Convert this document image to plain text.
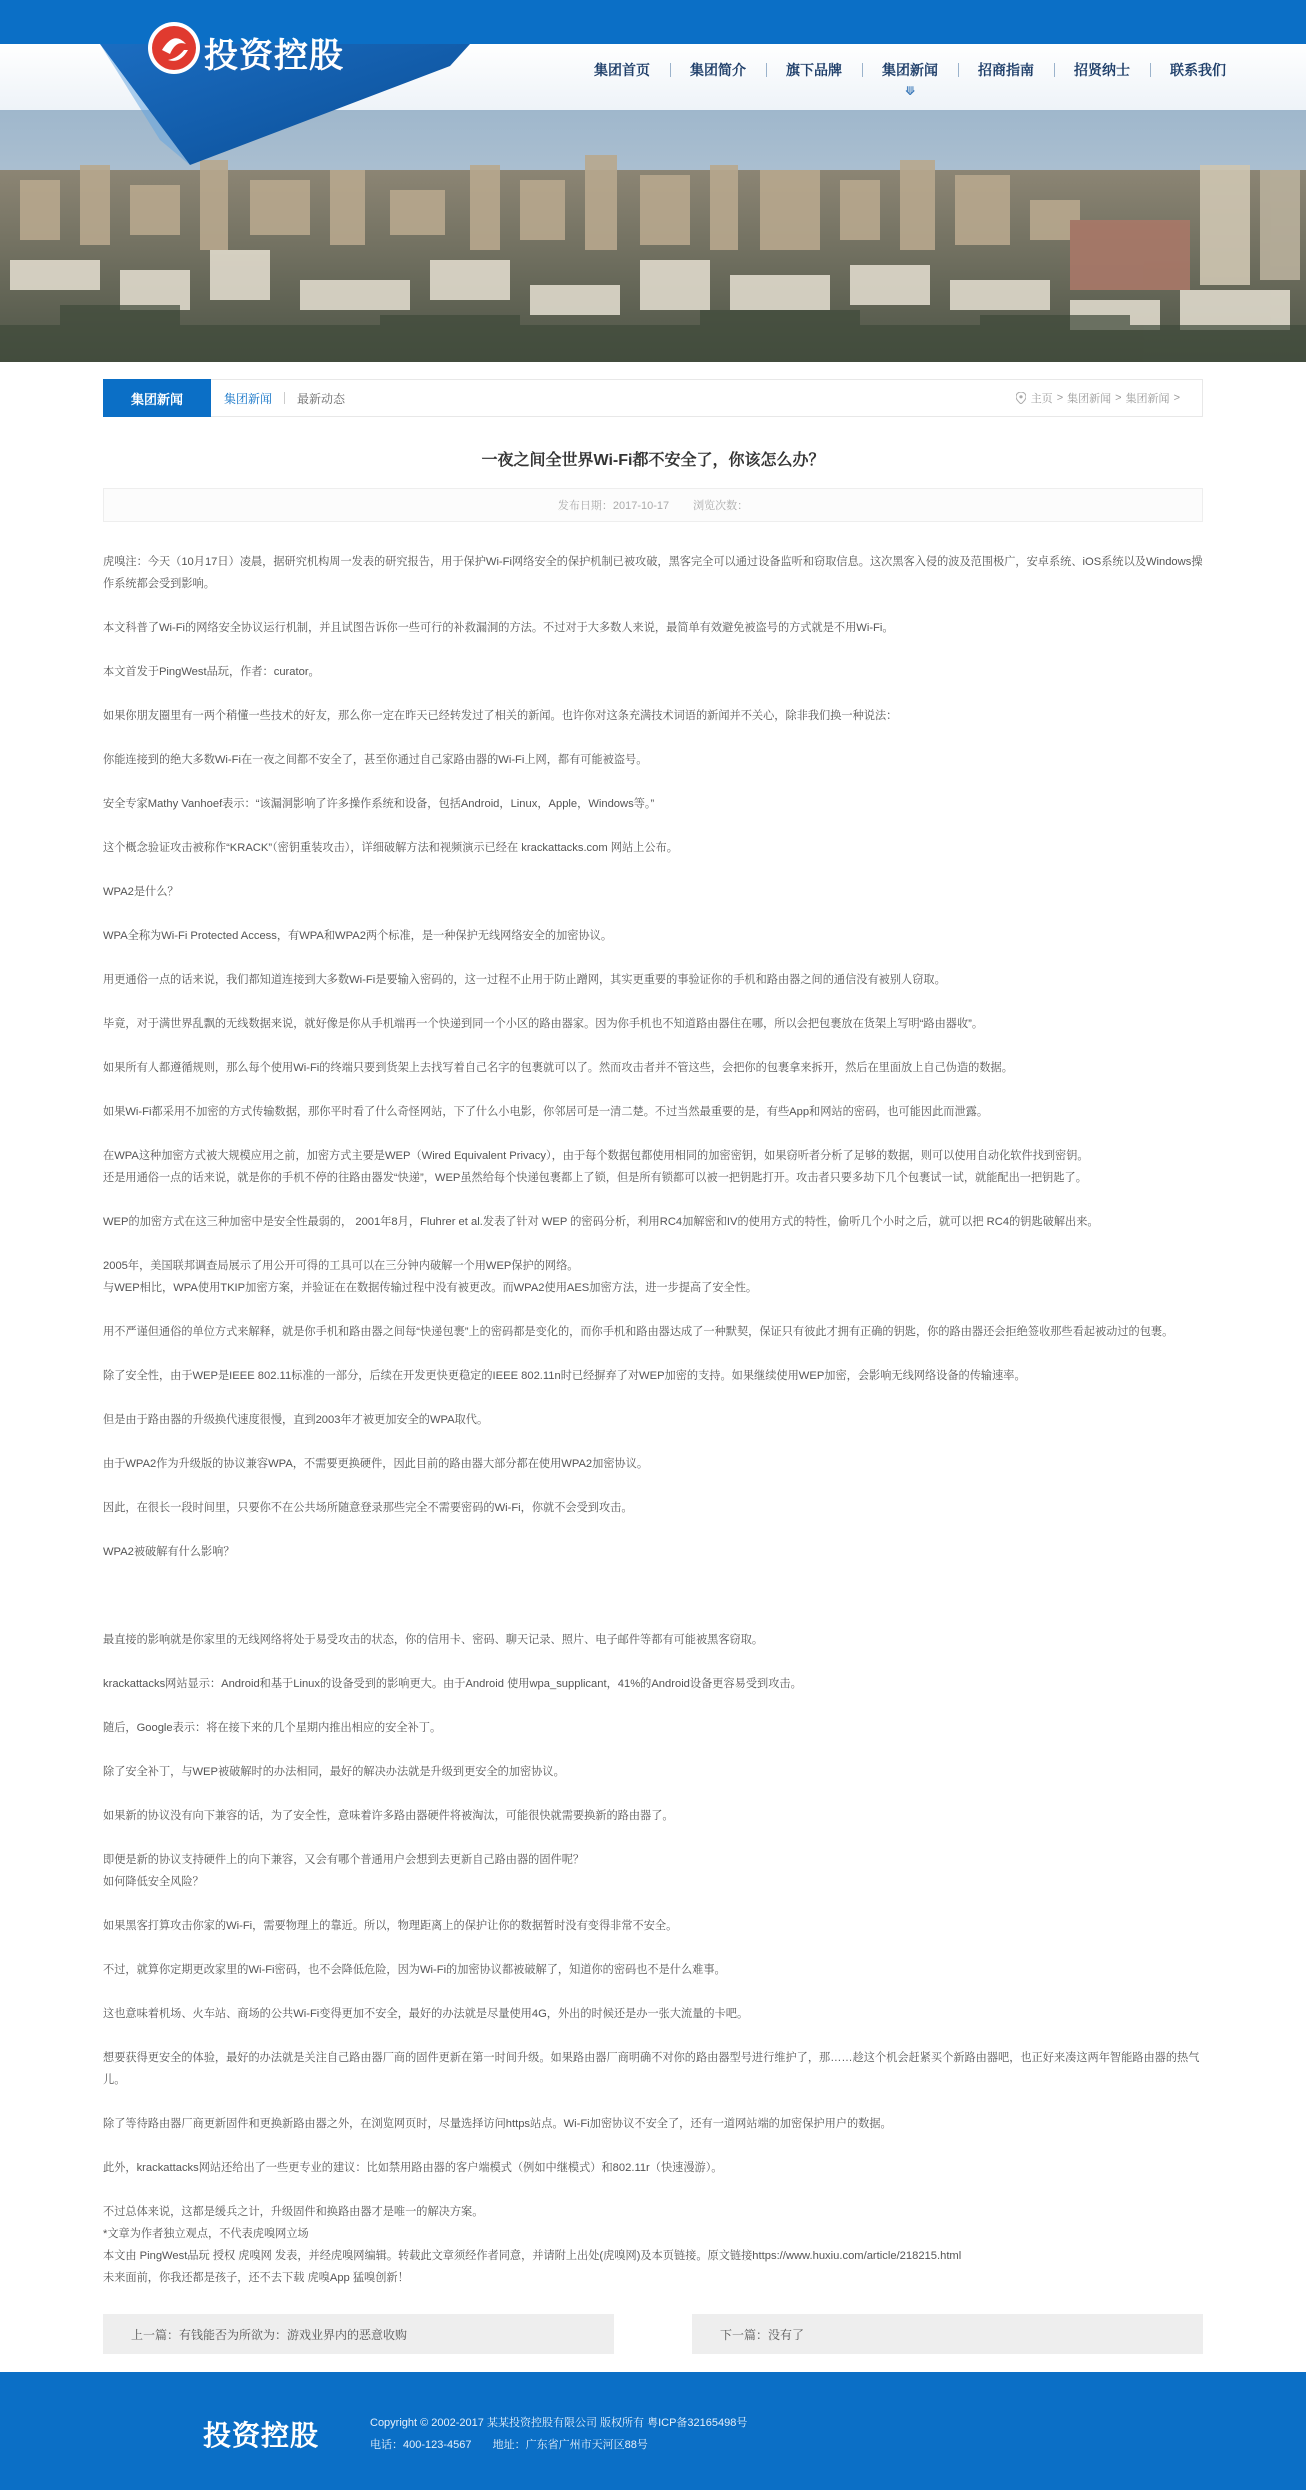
集团首页	集团简介	旗下品牌	集团新闻
⟱
招商指南	招贤纳士	联系我们
投资控股
集团新闻	集团新闻 最新动态	主页 > 集团新闻 > 集团新闻 >
一夜之间全世界Wi-Fi都不安全了，你该怎么办？
发布日期：2017-10-17 浏览次数：

虎嗅注：今天（10月17日）凌晨，据研究机构周一发表的研究报告，用于保护Wi-Fi网络安全的保护机制已被攻破，黑客完全可以通过设备监听和窃取信息。这次黑客入侵的波及范围极广，安卓系统、iOS系统以及Windows操作系统都会受到影响。

本文科普了Wi-Fi的网络安全协议运行机制，并且试图告诉你一些可行的补救漏洞的方法。不过对于大多数人来说，最简单有效避免被盗号的方式就是不用Wi-Fi。

本文首发于PingWest品玩，作者：curator。

如果你朋友圈里有一两个稍懂一些技术的好友，那么你一定在昨天已经转发过了相关的新闻。也许你对这条充满技术词语的新闻并不关心，除非我们换一种说法：

你能连接到的绝大多数Wi-Fi在一夜之间都不安全了，甚至你通过自己家路由器的Wi-Fi上网，都有可能被盗号。

安全专家Mathy Vanhoef表示：“该漏洞影响了许多操作系统和设备，包括Android，Linux，Apple，Windows等。”

这个概念验证攻击被称作“KRACK”（密钥重装攻击），详细破解方法和视频演示已经在 krackattacks.com 网站上公布。

WPA2是什么？

WPA全称为Wi-Fi Protected Access，有WPA和WPA2两个标准，是一种保护无线网络安全的加密协议。

用更通俗一点的话来说，我们都知道连接到大多数Wi-Fi是要输入密码的，这一过程不止用于防止蹭网，其实更重要的事验证你的手机和路由器之间的通信没有被别人窃取。

毕竟，对于满世界乱飘的无线数据来说，就好像是你从手机端再一个快递到同一个小区的路由器家。因为你手机也不知道路由器住在哪，所以会把包裹放在货架上写明“路由器收”。

如果所有人都遵循规则，那么每个使用Wi-Fi的终端只要到货架上去找写着自己名字的包裹就可以了。然而攻击者并不管这些，会把你的包裹拿来拆开，然后在里面放上自己伪造的数据。

如果Wi-Fi都采用不加密的方式传输数据，那你平时看了什么奇怪网站，下了什么小电影，你邻居可是一清二楚。不过当然最重要的是，有些App和网站的密码，也可能因此而泄露。

在WPA这种加密方式被大规模应用之前，加密方式主要是WEP（Wired Equivalent Privacy），由于每个数据包都使用相同的加密密钥，如果窃听者分析了足够的数据，则可以使用自动化软件找到密钥。
还是用通俗一点的话来说，就是你的手机不停的往路由器发“快递”，WEP虽然给每个快递包裹都上了锁，但是所有锁都可以被一把钥匙打开。攻击者只要多劫下几个包裹试一试，就能配出一把钥匙了。

WEP的加密方式在这三种加密中是安全性最弱的， 2001年8月，Fluhrer et al.发表了针对 WEP 的密码分析，利用RC4加解密和IV的使用方式的特性，偷听几个小时之后，就可以把 RC4的钥匙破解出来。

2005年，美国联邦调查局展示了用公开可得的工具可以在三分钟内破解一个用WEP保护的网络。
与WEP相比，WPA使用TKIP加密方案，并验证在在数据传输过程中没有被更改。而WPA2使用AES加密方法，进一步提高了安全性。

用不严谨但通俗的单位方式来解释，就是你手机和路由器之间每“快递包裹”上的密码都是变化的，而你手机和路由器达成了一种默契，保证只有彼此才拥有正确的钥匙，你的路由器还会拒绝签收那些看起被动过的包裹。

除了安全性，由于WEP是IEEE 802.11标准的一部分，后续在开发更快更稳定的IEEE 802.11n时已经摒弃了对WEP加密的支持。如果继续使用WEP加密，会影响无线网络设备的传输速率。

但是由于路由器的升级换代速度很慢，直到2003年才被更加安全的WPA取代。

由于WPA2作为升级版的协议兼容WPA，不需要更换硬件，因此目前的路由器大部分都在使用WPA2加密协议。

因此，在很长一段时间里，只要你不在公共场所随意登录那些完全不需要密码的Wi-Fi，你就不会受到攻击。

WPA2被破解有什么影响？

最直接的影响就是你家里的无线网络将处于易受攻击的状态，你的信用卡、密码、聊天记录、照片、电子邮件等都有可能被黑客窃取。

krackattacks网站显示：Android和基于Linux的设备受到的影响更大。由于Android 使用wpa_supplicant，41%的Android设备更容易受到攻击。

随后，Google表示：将在接下来的几个星期内推出相应的安全补丁。

除了安全补丁，与WEP被破解时的办法相同，最好的解决办法就是升级到更安全的加密协议。

如果新的协议没有向下兼容的话，为了安全性，意味着许多路由器硬件将被淘汰，可能很快就需要换新的路由器了。

即便是新的协议支持硬件上的向下兼容，又会有哪个普通用户会想到去更新自己路由器的固件呢？
如何降低安全风险？

如果黑客打算攻击你家的Wi-Fi，需要物理上的靠近。所以，物理距离上的保护让你的数据暂时没有变得非常不安全。

不过，就算你定期更改家里的Wi-Fi密码，也不会降低危险，因为Wi-Fi的加密协议都被破解了，知道你的密码也不是什么难事。

这也意味着机场、火车站、商场的公共Wi-Fi变得更加不安全，最好的办法就是尽量使用4G，外出的时候还是办一张大流量的卡吧。

想要获得更安全的体验，最好的办法就是关注自己路由器厂商的固件更新在第一时间升级。如果路由器厂商明确不对你的路由器型号进行维护了，那……趁这个机会赶紧买个新路由器吧，也正好来凑这两年智能路由器的热气儿。

除了等待路由器厂商更新固件和更换新路由器之外，在浏览网页时，尽量选择访问https站点。Wi-Fi加密协议不安全了，还有一道网站端的加密保护用户的数据。

此外，krackattacks网站还给出了一些更专业的建议：比如禁用路由器的客户端模式（例如中继模式）和802.11r（快速漫游）。

不过总体来说，这都是缓兵之计，升级固件和换路由器才是唯一的解决方案。
*文章为作者独立观点，不代表虎嗅网立场
本文由 PingWest品玩 授权 虎嗅网 发表，并经虎嗅网编辑。转载此文章须经作者同意，并请附上出处(虎嗅网)及本页链接。原文链接https://www.huxiu.com/article/218215.html
未来面前，你我还都是孩子，还不去下载 虎嗅App 猛嗅创新！

上一篇：有钱能否为所欲为：游戏业界内的恶意收购	下一篇：没有了
投资控股	Copyright © 2002-2017 某某投资控股有限公司 版权所有 粤ICP备32165498号
电话：400-123-4567 地址：广东省广州市天河区88号
